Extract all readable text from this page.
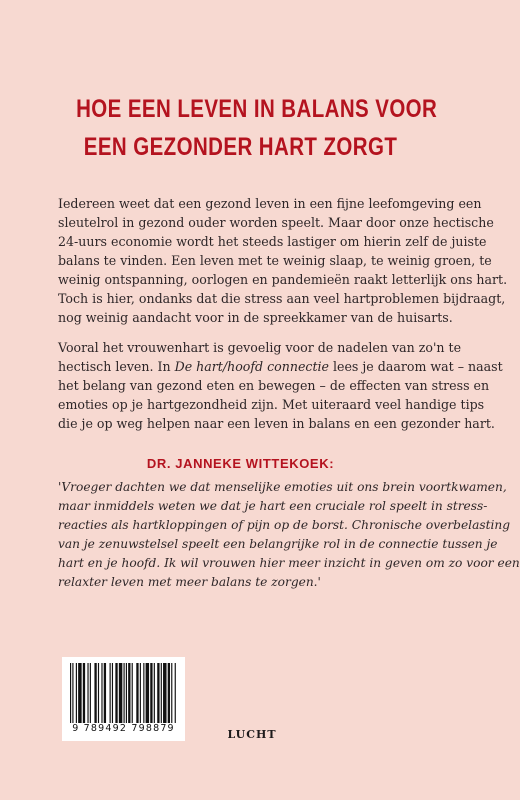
HOE EEN LEVEN IN BALANS VOOR
EEN GEZONDER HART ZORGT
Iedereen weet dat een gezond leven in een fijne leefomgeving een
sleutelrol in gezond ouder worden speelt. Maar door onze hectische
24-uurs economie wordt het steeds lastiger om hierin zelf de juiste
balans te vinden. Een leven met te weinig slaap, te weinig groen, te
weinig ontspanning, oorlogen en pandemieën raakt letterlijk ons hart.
Toch is hier, ondanks dat die stress aan veel hartproblemen bijdraagt,
nog weinig aandacht voor in de spreekkamer van de huisarts.
Vooral het vrouwenhart is gevoelig voor de nadelen van zo'n te
hectisch leven. In De hart/hoofd connectie lees je daarom wat – naast
het belang van gezond eten en bewegen – de effecten van stress en
emoties op je hartgezondheid zijn. Met uiteraard veel handige tips
die je op weg helpen naar een leven in balans en een gezonder hart.
DR. JANNEKE WITTEKOEK:
'Vroeger dachten we dat menselijke emoties uit ons brein voortkwamen,
maar inmiddels weten we dat je hart een cruciale rol speelt in stress-
reacties als hartkloppingen of pijn op de borst. Chronische overbelasting
van je zenuwstelsel speelt een belangrijke rol in de connectie tussen je
hart en je hoofd. Ik wil vrouwen hier meer inzicht in geven om zo voor een
relaxter leven met meer balans te zorgen.'
9 789492 798879	LUCHT
